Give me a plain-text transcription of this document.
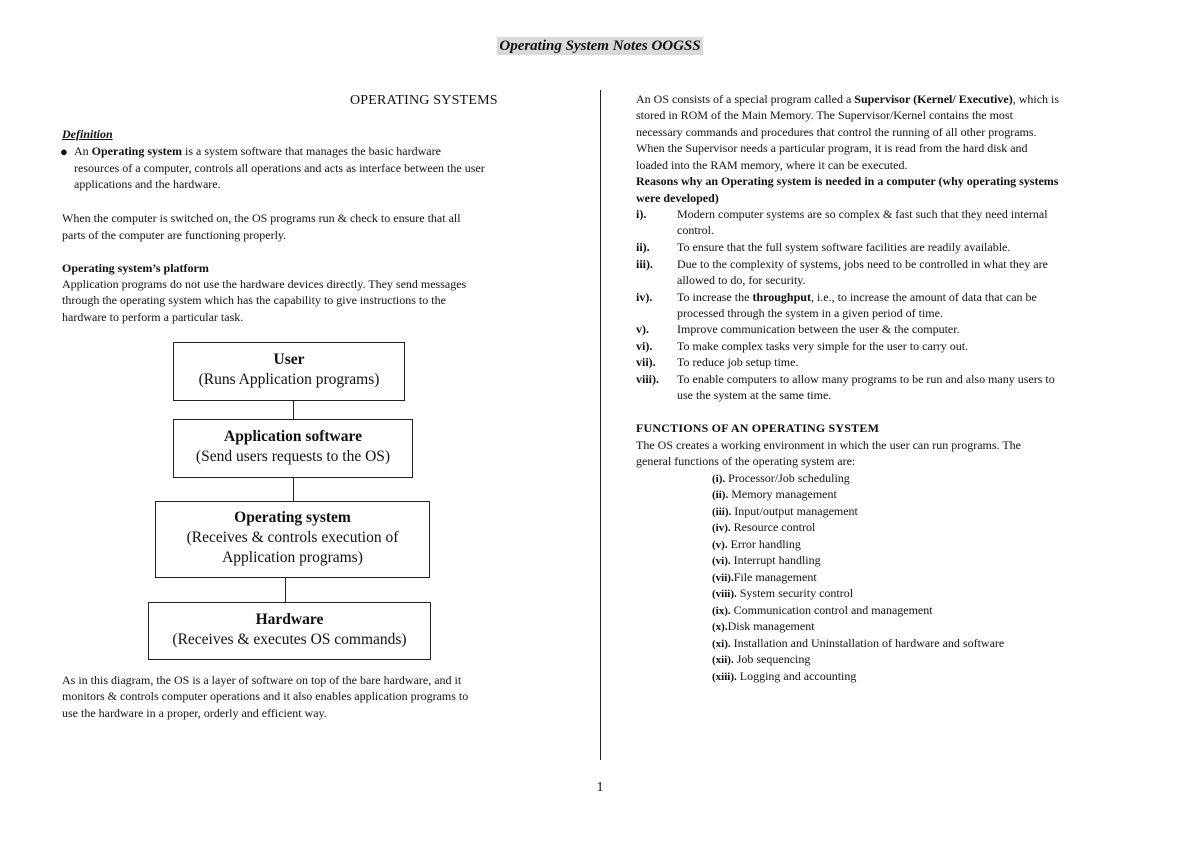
Operating System Notes OOGSS
OPERATING SYSTEMS
Definition
● An Operating system is a system software that manages the basic hardware
resources of a computer, controls all operations and acts as interface between the user
applications and the hardware.
When the computer is switched on, the OS programs run & check to ensure that all
parts of the computer are functioning properly.
Operating system’s platform
Application programs do not use the hardware devices directly. They send messages
through the operating system which has the capability to give instructions to the
hardware to perform a particular task.
User
(Runs Application programs)
Application software
(Send users requests to the OS)
Operating system
(Receives & controls execution of
Application programs)
Hardware
(Receives & executes OS commands)
As in this diagram, the OS is a layer of software on top of the bare hardware, and it
monitors & controls computer operations and it also enables application programs to
use the hardware in a proper, orderly and efficient way.
An OS consists of a special program called a Supervisor (Kernel/ Executive), which is
stored in ROM of the Main Memory. The Supervisor/Kernel contains the most
necessary commands and procedures that control the running of all other programs.
When the Supervisor needs a particular program, it is read from the hard disk and
loaded into the RAM memory, where it can be executed.
Reasons why an Operating system is needed in a computer (why operating systems
were developed)
i).	Modern computer systems are so complex & fast such that they need internal
control.
ii). To ensure that the full system software facilities are readily available.
iii). Due to the complexity of systems, jobs need to be controlled in what they are
allowed to do, for security.
iv). To increase the throughput, i.e., to increase the amount of data that can be
processed through the system in a given period of time.
v). Improve communication between the user & the computer.
vi). To make complex tasks very simple for the user to carry out.
vii). To reduce job setup time.
viii). To enable computers to allow many programs to be run and also many users to
use the system at the same time.
FUNCTIONS OF AN OPERATING SYSTEM
The OS creates a working environment in which the user can run programs. The
general functions of the operating system are:
(i). Processor/Job scheduling
(ii). Memory management
(iii). Input/output management
(iv). Resource control
(v). Error handling
(vi). Interrupt handling
(vii).File management
(viii). System security control
(ix). Communication control and management
(x).Disk management
(xi). Installation and Uninstallation of hardware and software
(xii). Job sequencing
(xiii). Logging and accounting
1
